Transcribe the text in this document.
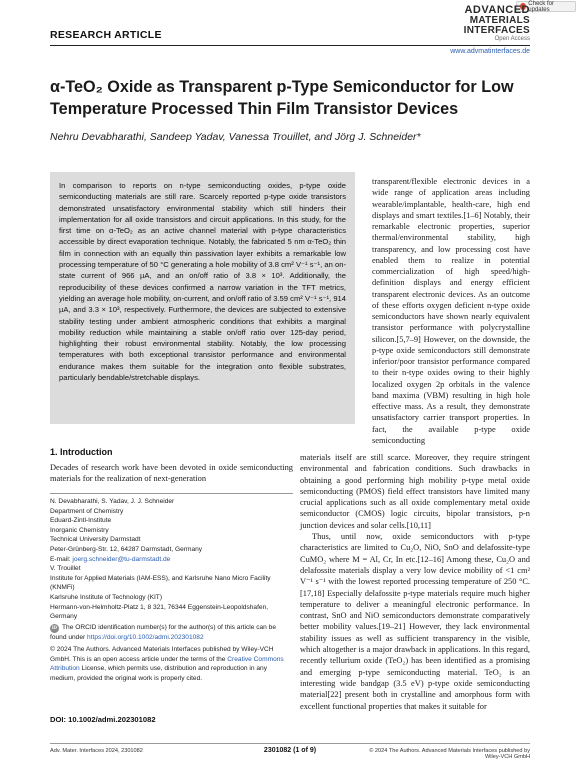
Check for updates
ADVANCED
MATERIALS
INTERFACES
Open Access
RESEARCH ARTICLE
www.advmatinterfaces.de
α-TeO₂ Oxide as Transparent p-Type Semiconductor for Low Temperature Processed Thin Film Transistor Devices
Nehru Devabharathi, Sandeep Yadav, Vanessa Trouillet, and Jörg J. Schneider*

In comparison to reports on n-type semiconducting oxides, p-type oxide semiconducting materials are still rare. Scarcely reported p-type oxide transistors demonstrated unsatisfactory environmental stability which still hinders their implementation for all oxide transistors and circuit applications. In this study, for the first time on α-TeO₂ as an active channel material with p-type characteristics accessible by direct evaporation technique. Notably, the fabricated 5 nm α-TeO₂ thin film in connection with an equally thin passivation layer exhibits a remarkable low processing temperature of 50 °C generating a hole mobility of 3.8 cm² V⁻¹ s⁻¹, an on-state current of 966 µA, and an on/off ratio of 3.8 × 10³. Additionally, the reproducibility of these devices confirmed a narrow variation in the TFT metrics, yielding an average hole mobility, on-current, and on/off ratio of 3.59 cm² V⁻¹ s⁻¹, 914 µA, and 3.3 × 10³, respectively. Furthermore, the devices are subjected to extensive stability testing under ambient atmospheric conditions that exhibits a marginal mobility reduction while maintaining a stable on/off ratio over 125-day period, highlighting their robust environmental stability. Notably, the low processing temperatures with both exceptional transistor performance and environmental endurance makes them suitable for the integration onto flexible substrates, particularly bendable/stretchable displays.

1. Introduction
Decades of research work have been devoted in oxide semiconducting materials for the realization of next-generation
N. Devabharathi, S. Yadav, J. J. Schneider
Department of Chemistry
Eduard-Zintl-Institute
Inorganic Chemistry
Technical University Darmstadt
Peter-Grünberg-Str. 12, 64287 Darmstadt, Germany
E-mail: joerg.schneider@tu-darmstadt.de
V. Trouillet
Institute for Applied Materials (IAM-ESS), and Karlsruhe Nano Micro Facility (KNMFi)
Karlsruhe Institute of Technology (KIT)
Hermann-von-Helmholtz-Platz 1, 8 321, 76344 Eggenstein-Leopoldshafen, Germany
iD The ORCID identification number(s) for the author(s) of this article can be found under https://doi.org/10.1002/admi.202301082
© 2024 The Authors. Advanced Materials Interfaces published by Wiley-VCH GmbH. This is an open access article under the terms of the Creative Commons Attribution License, which permits use, distribution and reproduction in any medium, provided the original work is properly cited.
DOI: 10.1002/admi.202301082
transparent/flexible electronic devices in a wide range of application areas including wearable/implantable, health-care, high end displays and smart textiles.[1–6] Notably, their remarkable electronic properties, superior thermal/environmental stability, high transparency, and low processing cost have enabled them to realize in potential commercialization of high speed/high-definition displays and energy efficient transparent electronic devices. As an outcome of these efforts oxygen deficient n-type oxide semiconductors have shown nearly equivalent transistor performance with polycrystalline silicon.[5,7–9] However, on the downside, the p-type oxide semiconductors still demonstrate inferior/poor transistor performance compared to their n-type oxides owing to their highly localized oxygen 2p orbitals in the valence band maxima (VBM) resulting in high hole effective mass. As a result, they demonstrate unsatisfactory carrier transport properties. In fact, the available p-type oxide semiconducting

materials itself are still scarce. Moreover, they require stringent environmental and fabrication conditions. Such drawbacks in obtaining a good performing high mobility p-type metal oxide semiconducting (PMOS) field effect transistors have limited many crucial applications such as all oxide complementary metal oxide semiconductor (CMOS) logic circuits, bipolar transistors, p-n junction devices and solar cells.[10,11]

Thus, until now, oxide semiconductors with p-type characteristics are limited to Cu₂O, NiO, SnO and delafossite-type CuMO₂ where M = Al, Cr, In etc.[12–16] Among these, Cu₂O and delafossite materials display a very low device mobility of <1 cm² V⁻¹ s⁻¹ with the lowest reported processing temperature of 250 °C.[17,18] Especially delafossite p-type materials require much higher temperature to deliver a meaningful electronic performance. In contrast, SnO and NiO semiconductors demonstrate comparatively better mobility values.[19–21] However, they lack environmental stability issues as well as sufficient transparency in the visible, which altogether is a major drawback in applications. In this regard, recently tellurium oxide (TeO₂) has been identified as a promising and emerging p-type semiconducting material. TeO₂ is an interesting wide bandgap (3.5 eV) p-type oxide semiconducting material[22] present both in crystalline and amorphous form with excellent functional properties that makes it suitable for

Adv. Mater. Interfaces 2024, 2301082	2301082 (1 of 9)	© 2024 The Authors. Advanced Materials Interfaces published by Wiley-VCH GmbH
